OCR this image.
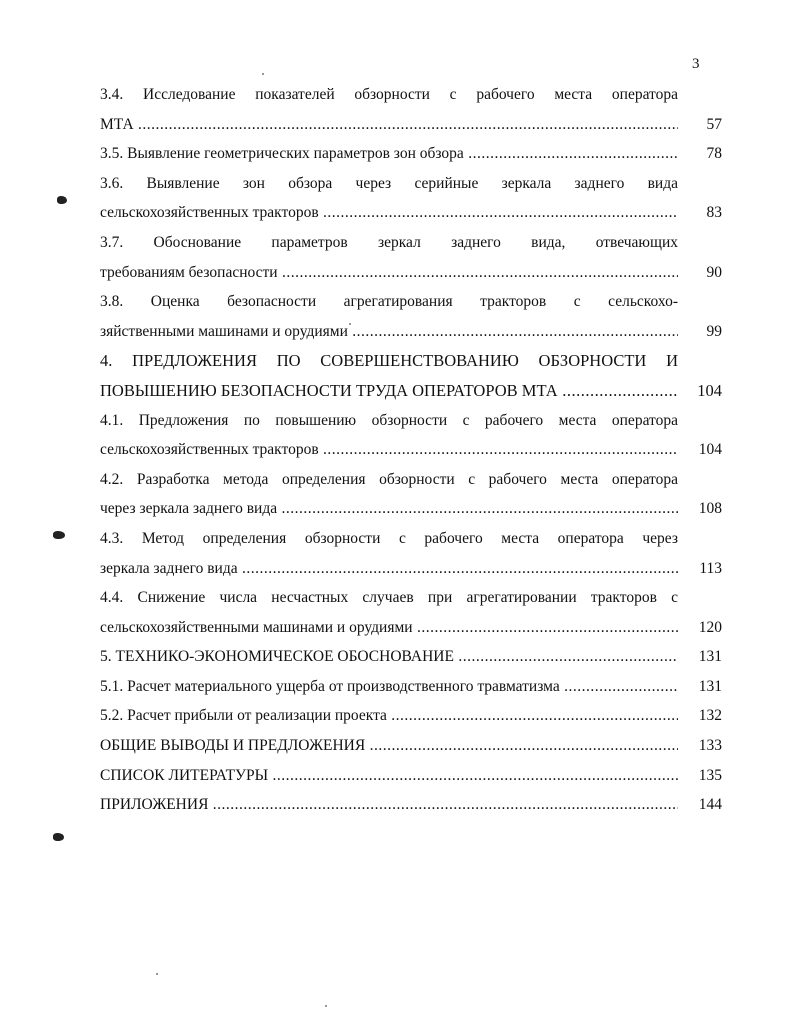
3
3.4. Исследование показателей обзорности с рабочего места оператора
МТА .....	57
3.5. Выявление геометрических параметров зон обзора .....	78
3.6. Выявление зон обзора через серийные зеркала заднего вида
сельскохозяйственных тракторов .....	83
3.7. Обоснование параметров зеркал заднего вида, отвечающих
требованиям безопасности .....	90
3.8. Оценка безопасности агрегатирования тракторов с сельскохо-
зяйственными машинами и орудиями .....	99
4. ПРЕДЛОЖЕНИЯ ПО СОВЕРШЕНСТВОВАНИЮ ОБЗОРНОСТИ И
ПОВЫШЕНИЮ БЕЗОПАСНОСТИ ТРУДА ОПЕРАТОРОВ МТА .....	104
4.1. Предложения по повышению обзорности с рабочего места оператора
сельскохозяйственных тракторов .....	104
4.2. Разработка метода определения обзорности с рабочего места оператора
через зеркала заднего вида .....	108
4.3. Метод определения обзорности с рабочего места оператора через
зеркала заднего вида .....	113
4.4. Снижение числа несчастных случаев при агрегатировании тракторов с
сельскохозяйственными машинами и орудиями .....	120
5. ТЕХНИКО-ЭКОНОМИЧЕСКОЕ ОБОСНОВАНИЕ .....	131
5.1. Расчет материального ущерба от производственного травматизма .....	131
5.2. Расчет прибыли от реализации проекта .....	132
ОБЩИЕ ВЫВОДЫ И ПРЕДЛОЖЕНИЯ .....	133
СПИСОК ЛИТЕРАТУРЫ .....	135
ПРИЛОЖЕНИЯ .....	144
